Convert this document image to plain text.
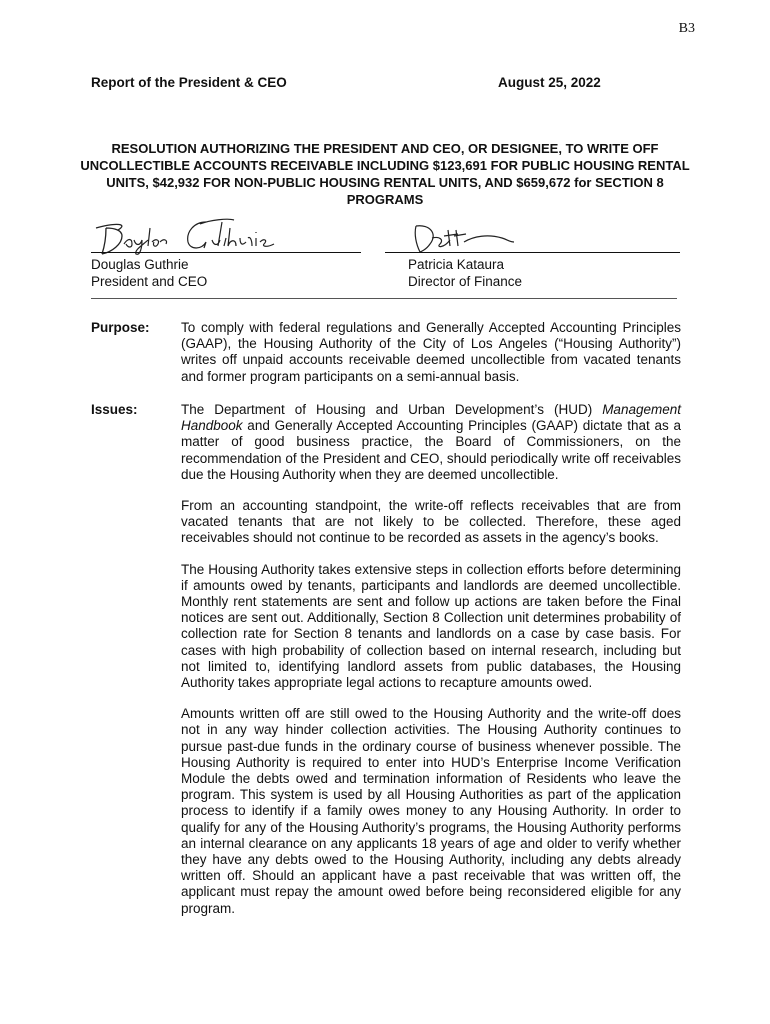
B3
Report of the President & CEO	August 25, 2022
RESOLUTION AUTHORIZING THE PRESIDENT AND CEO, OR DESIGNEE, TO WRITE OFF UNCOLLECTIBLE ACCOUNTS RECEIVABLE INCLUDING $123,691 FOR PUBLIC HOUSING RENTAL UNITS, $42,932 FOR NON-PUBLIC HOUSING RENTAL UNITS, AND $659,672 for SECTION 8 PROGRAMS
Douglas Guthrie
President and CEO
Patricia Kataura
Director of Finance
Purpose: To comply with federal regulations and Generally Accepted Accounting Principles (GAAP), the Housing Authority of the City of Los Angeles (“Housing Authority”) writes off unpaid accounts receivable deemed uncollectible from vacated tenants and former program participants on a semi-annual basis.

Issues:	The Department of Housing and Urban Development’s (HUD) Management Handbook and Generally Accepted Accounting Principles (GAAP) dictate that as a matter of good business practice, the Board of Commissioners, on the recommendation of the President and CEO, should periodically write off receivables due the Housing Authority when they are deemed uncollectible.

From an accounting standpoint, the write-off reflects receivables that are from vacated tenants that are not likely to be collected. Therefore, these aged receivables should not continue to be recorded as assets in the agency’s books.

The Housing Authority takes extensive steps in collection efforts before determining if amounts owed by tenants, participants and landlords are deemed uncollectible. Monthly rent statements are sent and follow up actions are taken before the Final notices are sent out. Additionally, Section 8 Collection unit determines probability of collection rate for Section 8 tenants and landlords on a case by case basis. For cases with high probability of collection based on internal research, including but not limited to, identifying landlord assets from public databases, the Housing Authority takes appropriate legal actions to recapture amounts owed.

Amounts written off are still owed to the Housing Authority and the write-off does not in any way hinder collection activities. The Housing Authority continues to pursue past-due funds in the ordinary course of business whenever possible. The Housing Authority is required to enter into HUD’s Enterprise Income Verification Module the debts owed and termination information of Residents who leave the program. This system is used by all Housing Authorities as part of the application process to identify if a family owes money to any Housing Authority. In order to qualify for any of the Housing Authority’s programs, the Housing Authority performs an internal clearance on any applicants 18 years of age and older to verify whether they have any debts owed to the Housing Authority, including any debts already written off. Should an applicant have a past receivable that was written off, the applicant must repay the amount owed before being reconsidered eligible for any program.
